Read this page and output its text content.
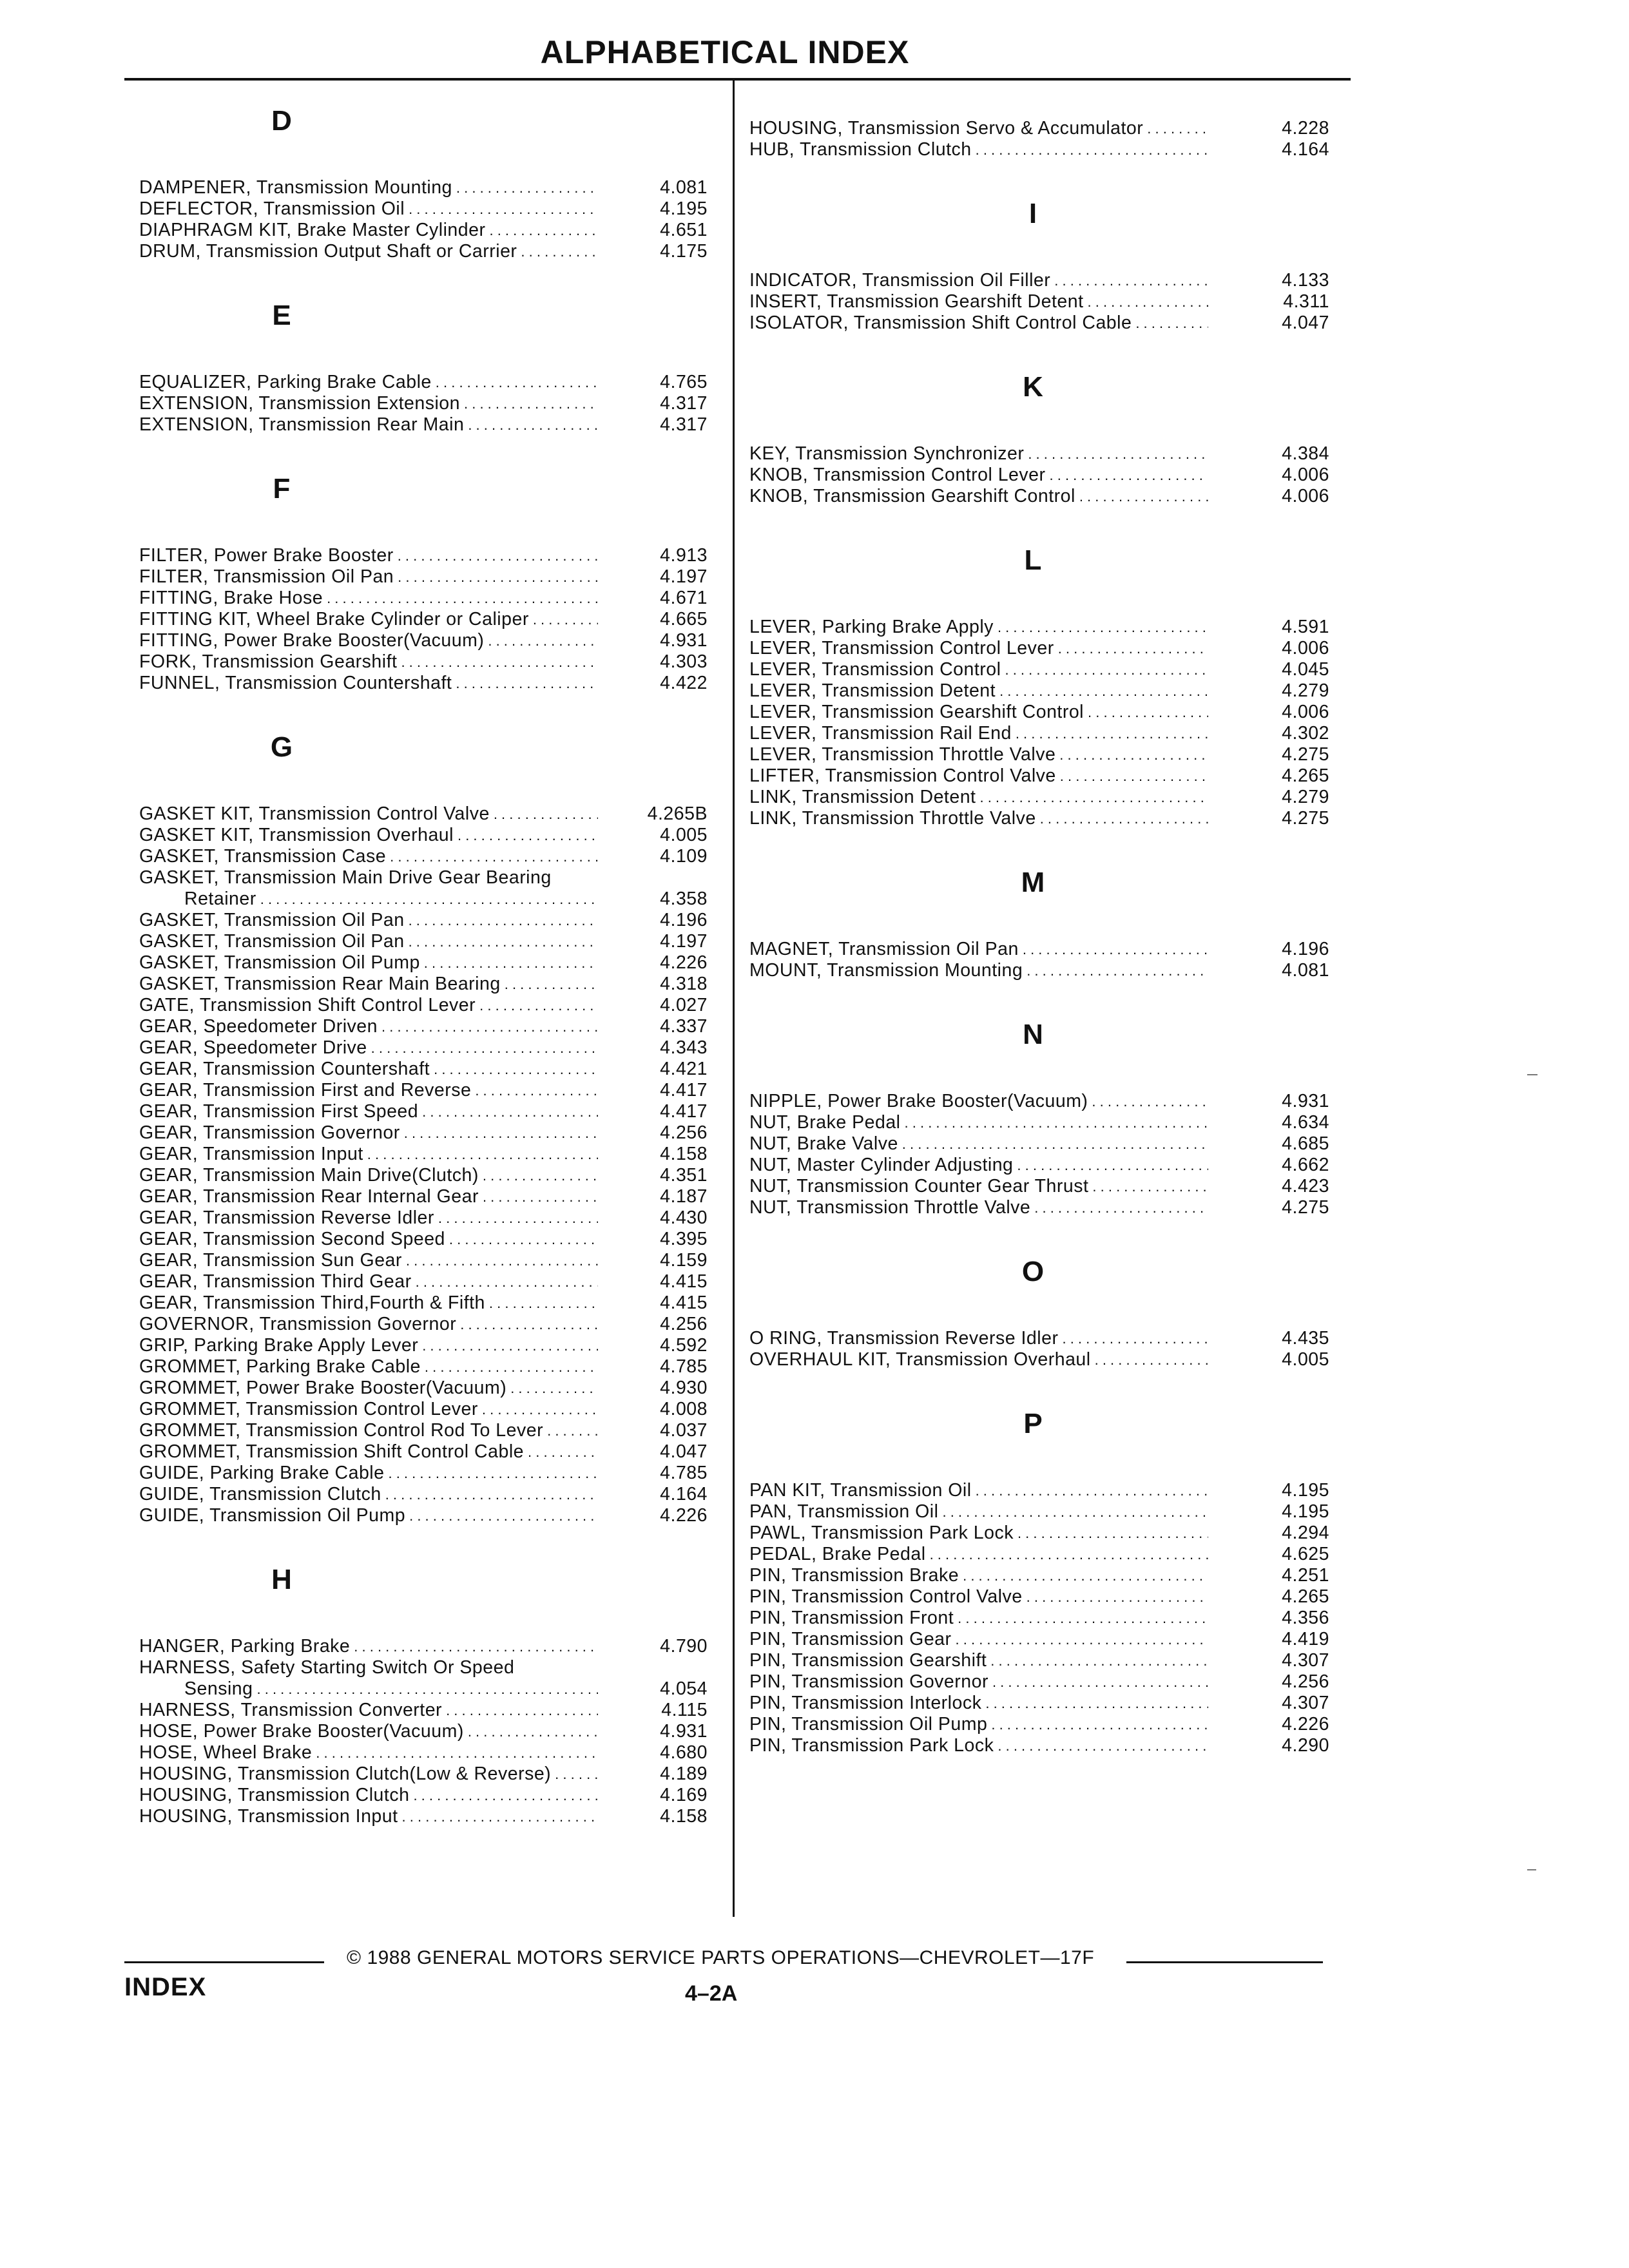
ALPHABETICAL INDEX
D
DAMPENER, Transmission Mounting . . .	4.081
DEFLECTOR, Transmission Oil . . .	4.195
DIAPHRAGM KIT, Brake Master Cylinder . . .	4.651
DRUM, Transmission Output Shaft or Carrier . . .	4.175
E
EQUALIZER, Parking Brake Cable . . .	4.765
EXTENSION, Transmission Extension . . .	4.317
EXTENSION, Transmission Rear Main . . .	4.317
F
FILTER, Power Brake Booster . . .	4.913
FILTER, Transmission Oil Pan . . .	4.197
FITTING, Brake Hose . . .	4.671
FITTING KIT, Wheel Brake Cylinder or Caliper . . .	4.665
FITTING, Power Brake Booster(Vacuum) . . .	4.931
FORK, Transmission Gearshift . . .	4.303
FUNNEL, Transmission Countershaft . . .	4.422
G
GASKET KIT, Transmission Control Valve . . .	4.265B
GASKET KIT, Transmission Overhaul . . .	4.005
GASKET, Transmission Case . . .	4.109
GASKET, Transmission Main Drive Gear Bearing
Retainer . . .	4.358
GASKET, Transmission Oil Pan . . .	4.196
GASKET, Transmission Oil Pan . . .	4.197
GASKET, Transmission Oil Pump . . .	4.226
GASKET, Transmission Rear Main Bearing . . .	4.318
GATE, Transmission Shift Control Lever . . .	4.027
GEAR, Speedometer Driven . . .	4.337
GEAR, Speedometer Drive . . .	4.343
GEAR, Transmission Countershaft . . .	4.421
GEAR, Transmission First and Reverse . . .	4.417
GEAR, Transmission First Speed . . .	4.417
GEAR, Transmission Governor . . .	4.256
GEAR, Transmission Input . . .	4.158
GEAR, Transmission Main Drive(Clutch) . . .	4.351
GEAR, Transmission Rear Internal Gear . . .	4.187
GEAR, Transmission Reverse Idler . . .	4.430
GEAR, Transmission Second Speed . . .	4.395
GEAR, Transmission Sun Gear . . .	4.159
GEAR, Transmission Third Gear . . .	4.415
GEAR, Transmission Third,Fourth & Fifth . . .	4.415
GOVERNOR, Transmission Governor . . .	4.256
GRIP, Parking Brake Apply Lever . . .	4.592
GROMMET, Parking Brake Cable . . .	4.785
GROMMET, Power Brake Booster(Vacuum) . . .	4.930
GROMMET, Transmission Control Lever . . .	4.008
GROMMET, Transmission Control Rod To Lever . . .	4.037
GROMMET, Transmission Shift Control Cable . . .	4.047
GUIDE, Parking Brake Cable . . .	4.785
GUIDE, Transmission Clutch . . .	4.164
GUIDE, Transmission Oil Pump . . .	4.226
H
HANGER, Parking Brake . . .	4.790
HARNESS, Safety Starting Switch Or Speed
Sensing . . .	4.054
HARNESS, Transmission Converter . . .	4.115
HOSE, Power Brake Booster(Vacuum) . . .	4.931
HOSE, Wheel Brake . . .	4.680
HOUSING, Transmission Clutch(Low & Reverse) . . .	4.189
HOUSING, Transmission Clutch . . .	4.169
HOUSING, Transmission Input . . .	4.158
HOUSING, Transmission Servo & Accumulator . . .	4.228
HUB, Transmission Clutch . . .	4.164
I
INDICATOR, Transmission Oil Filler . . .	4.133
INSERT, Transmission Gearshift Detent . . .	4.311
ISOLATOR, Transmission Shift Control Cable . . .	4.047
K
KEY, Transmission Synchronizer . . .	4.384
KNOB, Transmission Control Lever . . .	4.006
KNOB, Transmission Gearshift Control . . .	4.006
L
LEVER, Parking Brake Apply . . .	4.591
LEVER, Transmission Control Lever . . .	4.006
LEVER, Transmission Control . . .	4.045
LEVER, Transmission Detent . . .	4.279
LEVER, Transmission Gearshift Control . . .	4.006
LEVER, Transmission Rail End . . .	4.302
LEVER, Transmission Throttle Valve . . .	4.275
LIFTER, Transmission Control Valve . . .	4.265
LINK, Transmission Detent . . .	4.279
LINK, Transmission Throttle Valve . . .	4.275
M
MAGNET, Transmission Oil Pan . . .	4.196
MOUNT, Transmission Mounting . . .	4.081
N
NIPPLE, Power Brake Booster(Vacuum) . . .	4.931
NUT, Brake Pedal . . .	4.634
NUT, Brake Valve . . .	4.685
NUT, Master Cylinder Adjusting . . .	4.662
NUT, Transmission Counter Gear Thrust . . .	4.423
NUT, Transmission Throttle Valve . . .	4.275
O
O RING, Transmission Reverse Idler . . .	4.435
OVERHAUL KIT, Transmission Overhaul . . .	4.005
P
PAN KIT, Transmission Oil . . .	4.195
PAN, Transmission Oil . . .	4.195
PAWL, Transmission Park Lock . . .	4.294
PEDAL, Brake Pedal . . .	4.625
PIN, Transmission Brake . . .	4.251
PIN, Transmission Control Valve . . .	4.265
PIN, Transmission Front . . .	4.356
PIN, Transmission Gear . . .	4.419
PIN, Transmission Gearshift . . .	4.307
PIN, Transmission Governor . . .	4.256
PIN, Transmission Interlock . . .	4.307
PIN, Transmission Oil Pump . . .	4.226
PIN, Transmission Park Lock . . .	4.290
© 1988 GENERAL MOTORS SERVICE PARTS OPERATIONS—CHEVROLET—17F
INDEX	4–2A
